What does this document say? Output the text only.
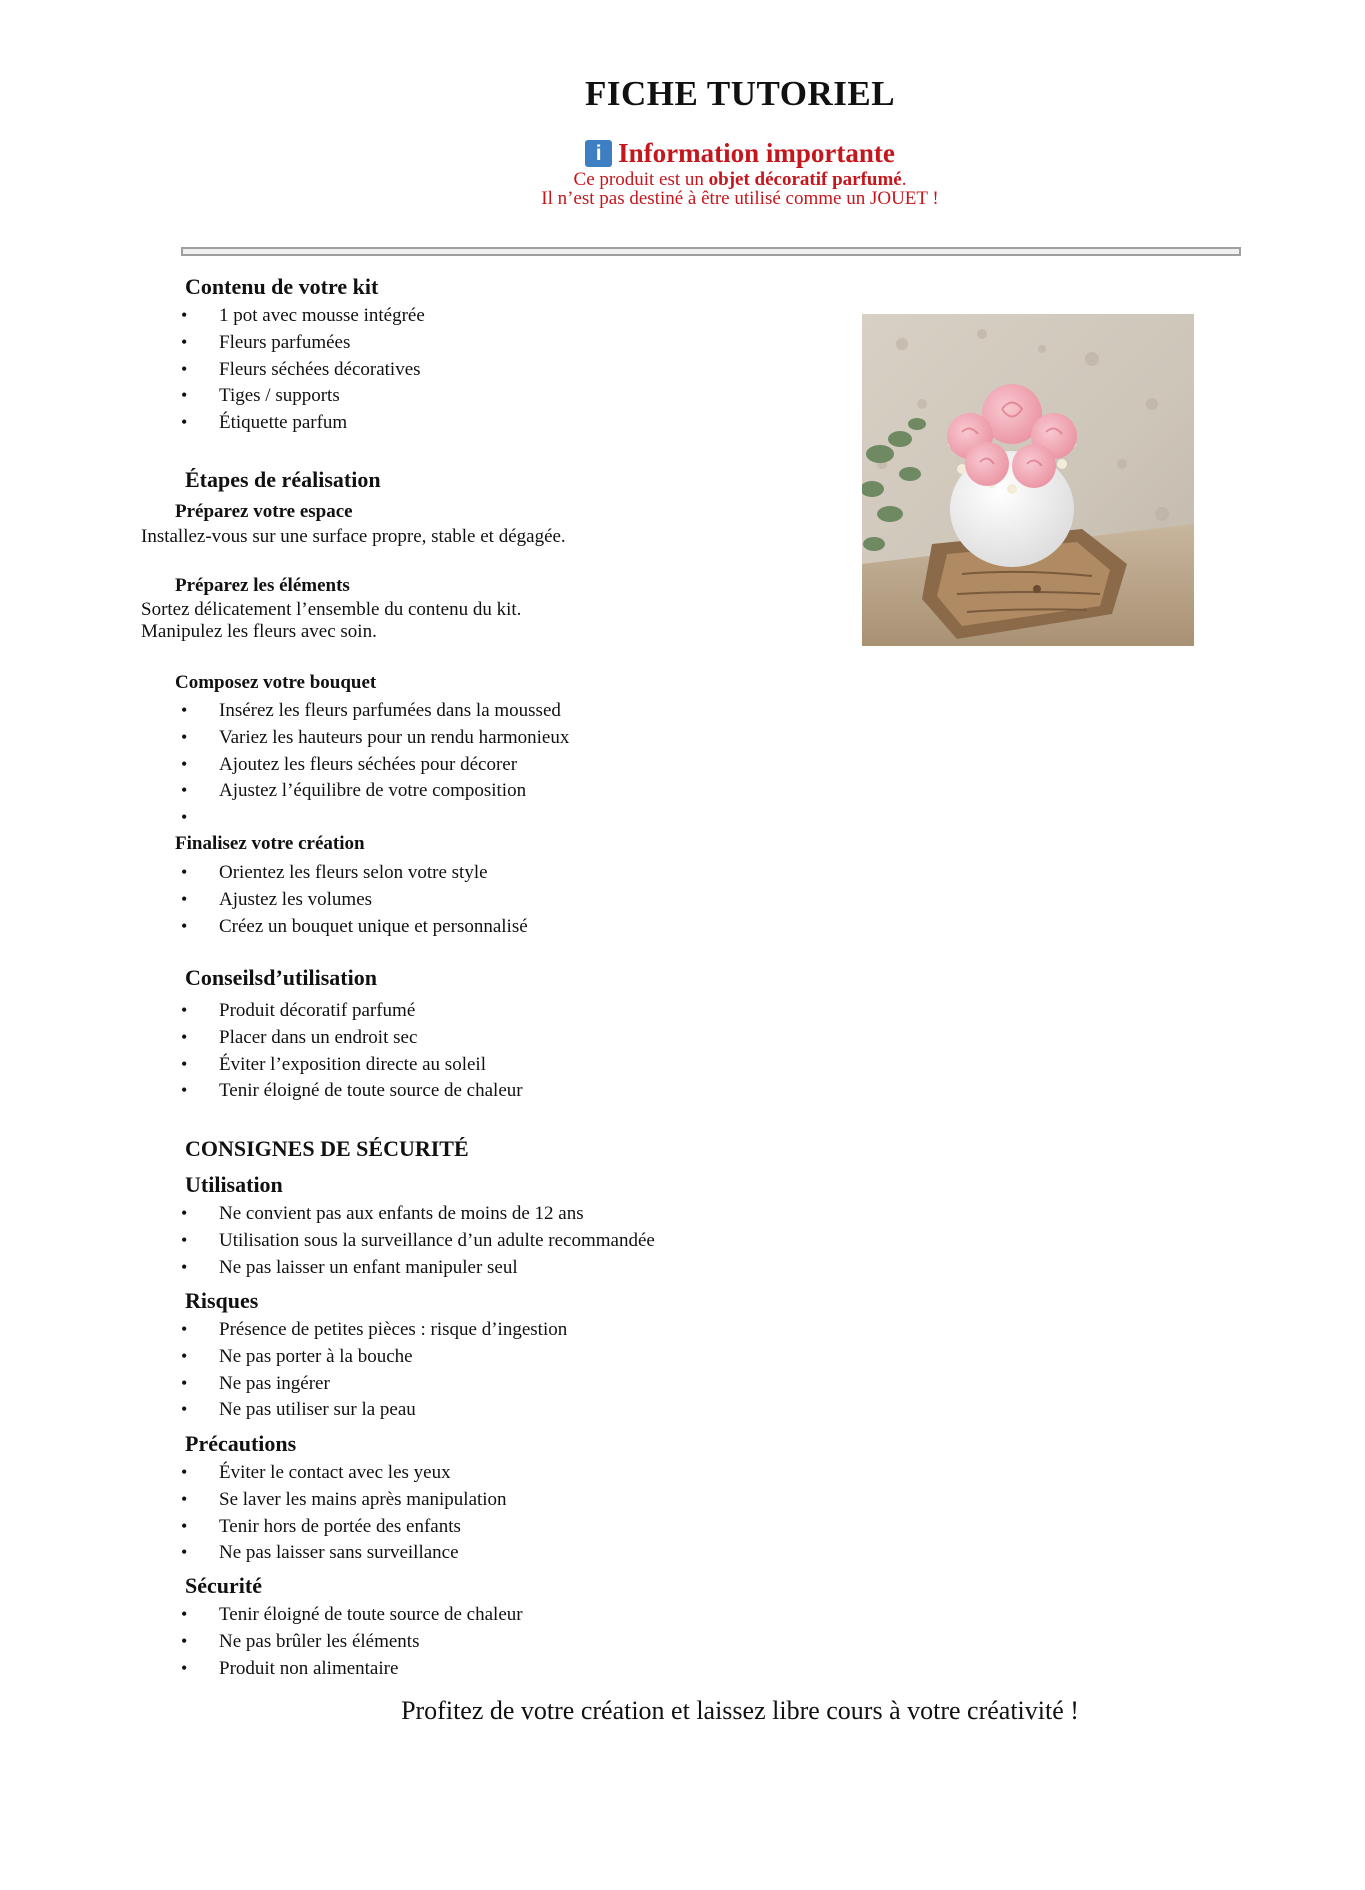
FICHE TUTORIEL
i Information importante
Ce produit est un objet décoratif parfumé.
Il n’est pas destiné à être utilisé comme un JOUET !
Contenu de votre kit
• 1 pot avec mousse intégrée
• Fleurs parfumées
• Fleurs séchées décoratives
• Tiges / supports
• Étiquette parfum
Étapes de réalisation
Préparez votre espace
Installez-vous sur une surface propre, stable et dégagée.
Préparez les éléments
Sortez délicatement l’ensemble du contenu du kit.
Manipulez les fleurs avec soin.
Composez votre bouquet
• Insérez les fleurs parfumées dans la moussed
• Variez les hauteurs pour un rendu harmonieux
• Ajoutez les fleurs séchées pour décorer
• Ajustez l’équilibre de votre composition
•
Finalisez votre création
• Orientez les fleurs selon votre style
• Ajustez les volumes
• Créez un bouquet unique et personnalisé
Conseilsd’utilisation
• Produit décoratif parfumé
• Placer dans un endroit sec
• Éviter l’exposition directe au soleil
• Tenir éloigné de toute source de chaleur
CONSIGNES DE SÉCURITÉ
Utilisation
• Ne convient pas aux enfants de moins de 12 ans
• Utilisation sous la surveillance d’un adulte recommandée
• Ne pas laisser un enfant manipuler seul
Risques
• Présence de petites pièces : risque d’ingestion
• Ne pas porter à la bouche
• Ne pas ingérer
• Ne pas utiliser sur la peau
Précautions
• Éviter le contact avec les yeux
• Se laver les mains après manipulation
• Tenir hors de portée des enfants
• Ne pas laisser sans surveillance
Sécurité
• Tenir éloigné de toute source de chaleur
• Ne pas brûler les éléments
• Produit non alimentaire
Profitez de votre création et laissez libre cours à votre créativité !
